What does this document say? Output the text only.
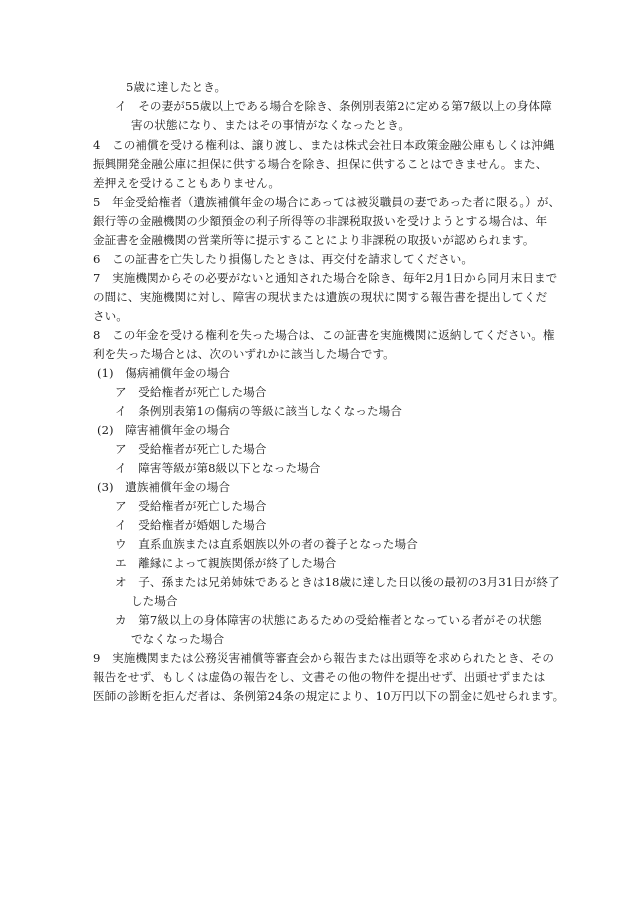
5歳に達したとき。
イ　その妻が55歳以上である場合を除き、条例別表第2に定める第7級以上の身体障
害の状態になり、またはその事情がなくなったとき。
4　この補償を受ける権利は、譲り渡し、または株式会社日本政策金融公庫もしくは沖縄
振興開発金融公庫に担保に供する場合を除き、担保に供することはできません。また、
差押えを受けることもありません。
5　年金受給権者（遺族補償年金の場合にあっては被災職員の妻であった者に限る。）が、
銀行等の金融機関の少額預金の利子所得等の非課税取扱いを受けようとする場合は、年
金証書を金融機関の営業所等に提示することにより非課税の取扱いが認められます。
6　この証書を亡失したり損傷したときは、再交付を請求してください。
7　実施機関からその必要がないと通知された場合を除き、毎年2月1日から同月末日まで
の間に、実施機関に対し、障害の現状または遺族の現状に関する報告書を提出してくだ
さい。
8　この年金を受ける権利を失った場合は、この証書を実施機関に返納してください。権
利を失った場合とは、次のいずれかに該当した場合です。
(1)　傷病補償年金の場合
ア　受給権者が死亡した場合
イ　条例別表第1の傷病の等級に該当しなくなった場合
(2)　障害補償年金の場合
ア　受給権者が死亡した場合
イ　障害等級が第8級以下となった場合
(3)　遺族補償年金の場合
ア　受給権者が死亡した場合
イ　受給権者が婚姻した場合
ウ　直系血族または直系姻族以外の者の養子となった場合
エ　離縁によって親族関係が終了した場合
オ　子、孫または兄弟姉妹であるときは18歳に達した日以後の最初の3月31日が終了
した場合
カ　第7級以上の身体障害の状態にあるための受給権者となっている者がその状態
でなくなった場合
9　実施機関または公務災害補償等審査会から報告または出頭等を求められたとき、その
報告をせず、もしくは虚偽の報告をし、文書その他の物件を提出せず、出頭せずまたは
医師の診断を拒んだ者は、条例第24条の規定により、10万円以下の罰金に処せられます。
